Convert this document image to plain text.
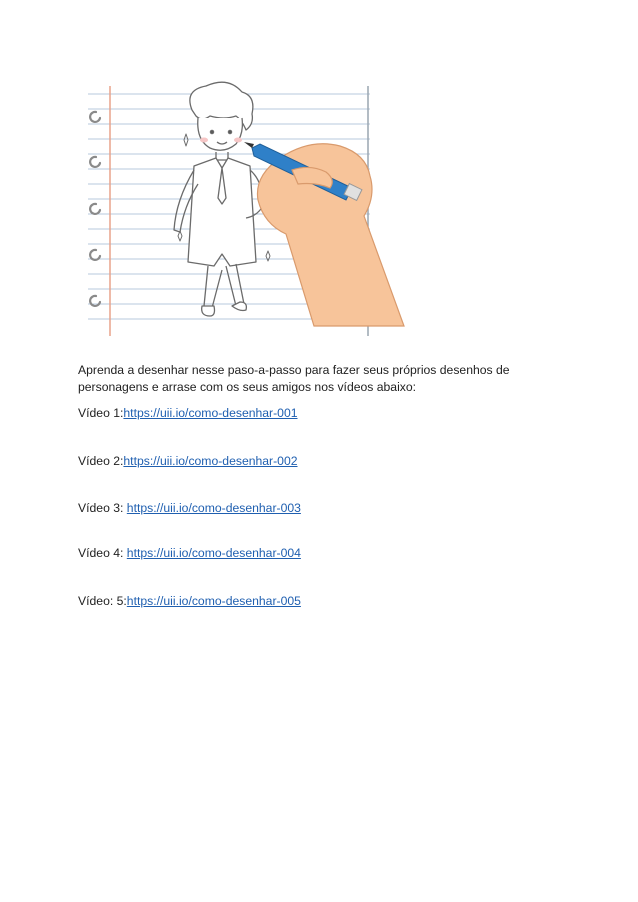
Aprenda a desenhar nesse paso-a-passo para fazer seus próprios desenhos de personagens e arrase com os seus amigos nos vídeos abaixo:

Vídeo 1:https://uii.io/como-desenhar-001
Vídeo 2:https://uii.io/como-desenhar-002
Vídeo 3: https://uii.io/como-desenhar-003
Vídeo 4: https://uii.io/como-desenhar-004
Vídeo: 5:https://uii.io/como-desenhar-005
